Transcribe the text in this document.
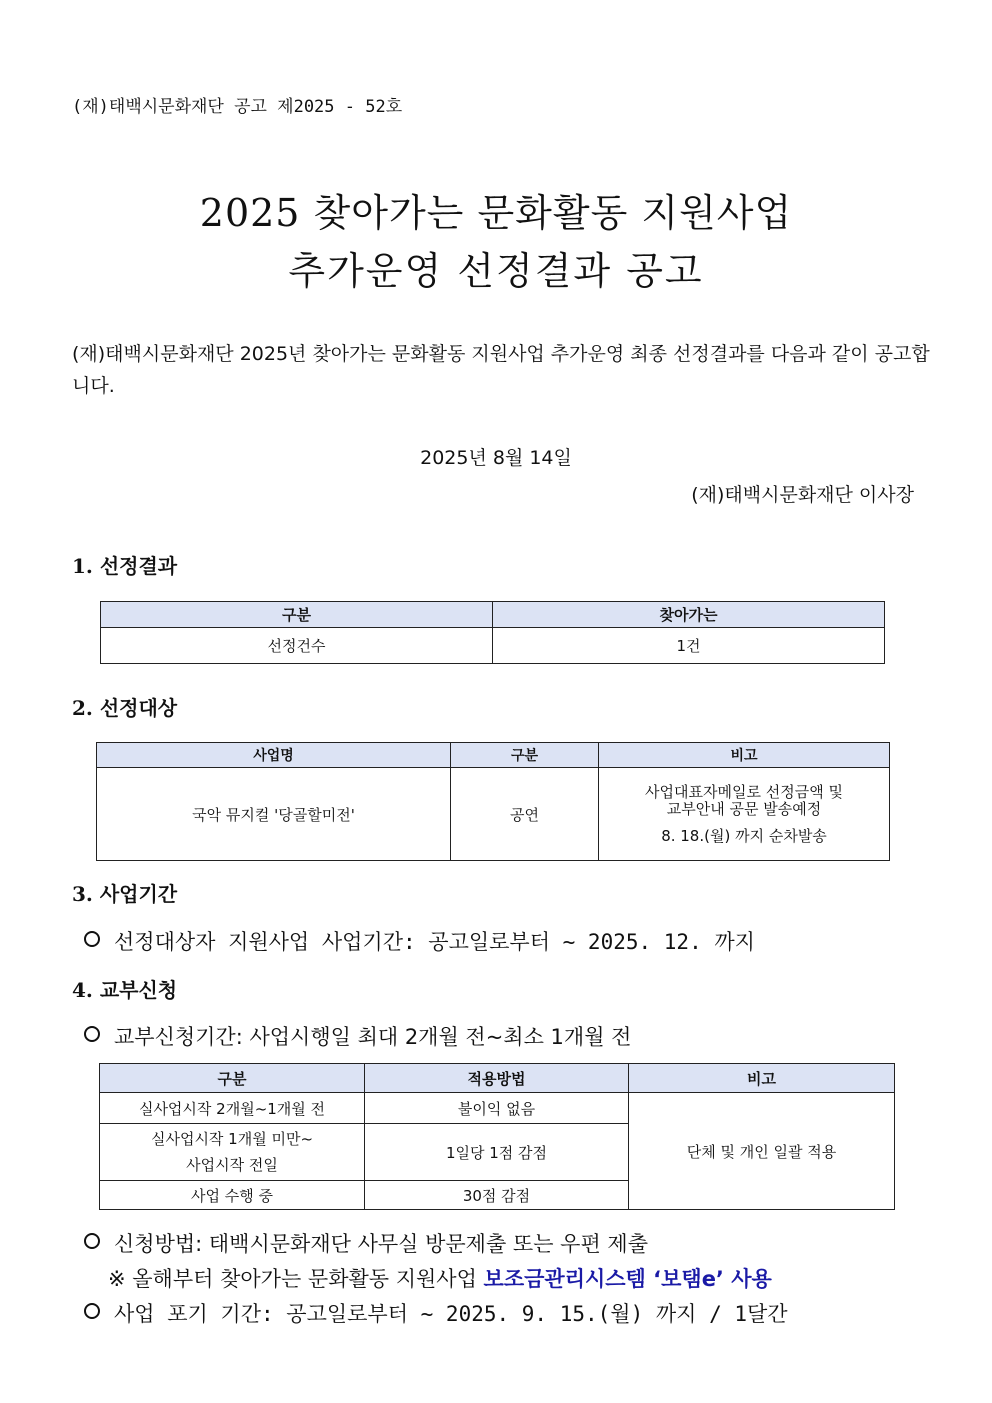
(재)태백시문화재단 공고 제2025 - 52호
2025 찾아가는 문화활동 지원사업
추가운영 선정결과 공고
(재)태백시문화재단 2025년 찾아가는 문화활동 지원사업 추가운영 최종 선정결과를 다음과 같이 공고합니다.
2025년 8월 14일
(재)태백시문화재단 이사장
1. 선정결과
구분	찾아가는
선정건수	1건
2. 선정대상
사업명	구분	비고
국악 뮤지컬 '당골할미전'	공연	사업대표자메일로 선정금액 및
교부안내 공문 발송예정
8. 18.(월) 까지 순차발송
3. 사업기간
선정대상자 지원사업 사업기간: 공고일로부터 ~ 2025. 12. 까지
4. 교부신청
교부신청기간: 사업시행일 최대 2개월 전~최소 1개월 전
구분	적용방법	비고
실사업시작 2개월~1개월 전	불이익 없음	단체 및 개인 일괄 적용

실사업시작 1개월 미만~
사업시작 전일	1일당 1점 감점	
사업 수행 중	30점 감점	
신청방법: 태백시문화재단 사무실 방문제출 또는 우편 제출
※ 올해부터 찾아가는 문화활동 지원사업 보조금관리시스템 ‘보탬e’ 사용
사업 포기 기간: 공고일로부터 ~ 2025. 9. 15.(월) 까지 / 1달간
